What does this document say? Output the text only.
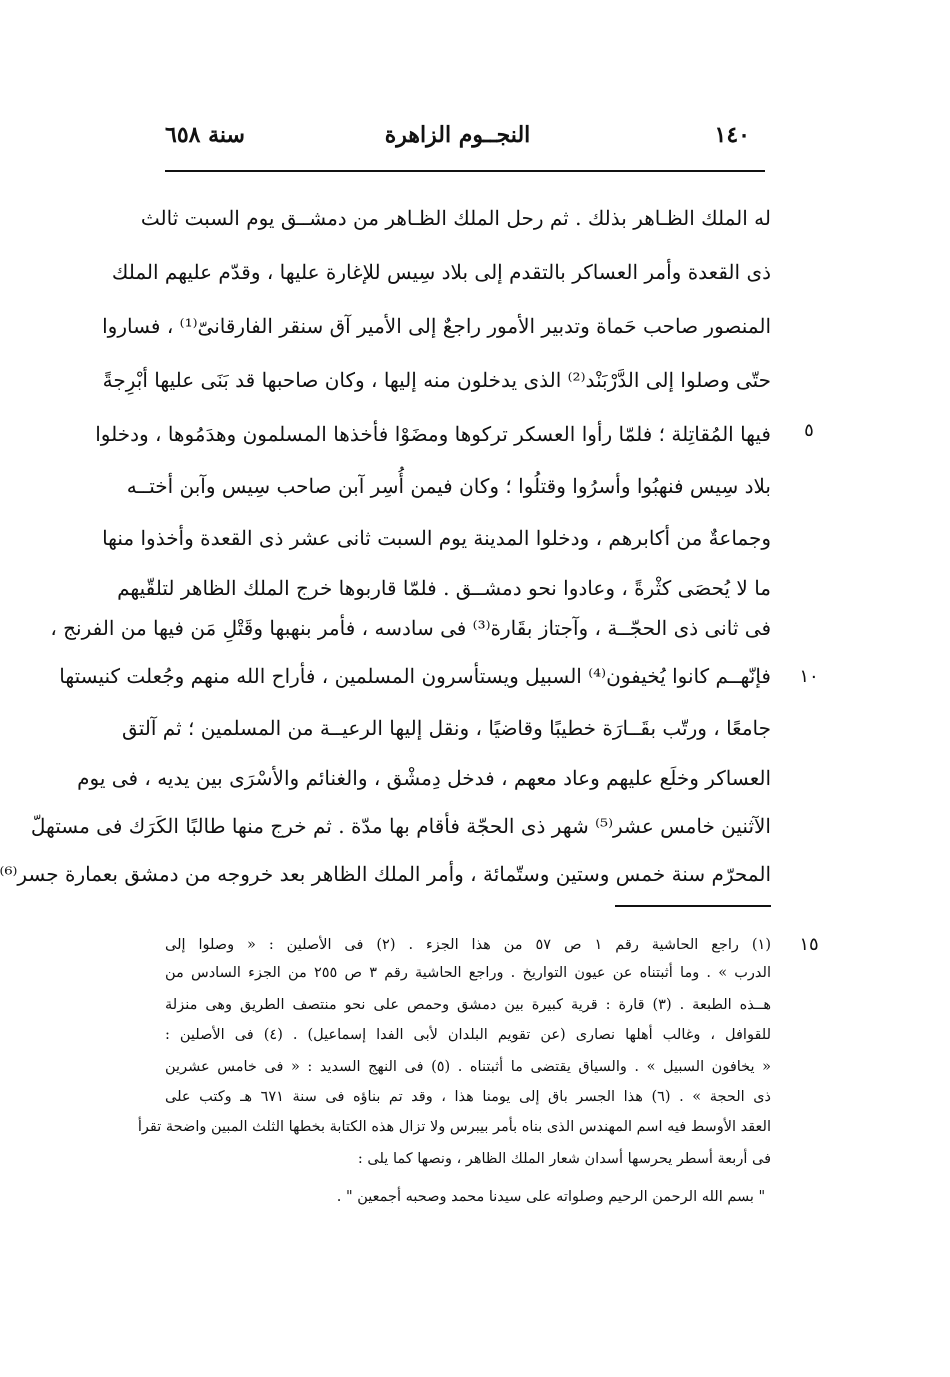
١٤٠
النجــوم الزاهرة
سنة ٦٥٨
له الملك الظـاهر بذلك . ثم رحل الملك الظـاهر من دمشــق يوم السبت ثالث
ذى القعدة وأمر العساكر بالتقدم إلى بلاد سِيس للإغارة عليها ، وقدّم عليهم الملك
المنصور صاحب حَماة وتدبير الأمور راجعٌ إلى الأمير آق سنقر الفارقانىّ⁽¹⁾ ، فساروا
حتّى وصلوا إلى الدَّرْبَنْد⁽²⁾ الذى يدخلون منه إليها ، وكان صاحبها قد بَنَى عليها أبْرِجةً
فيها المُقاتِلة ؛ فلمّا رأوا العسكر تركوها ومضَوْا فأخذها المسلمون وهدَمُوها ، ودخلوا
بلاد سِيس فنهبُوا وأسرُوا وقتلُوا ؛ وكان فيمن أُسِر آبن صاحب سِيس وآبن أختــه
وجماعةٌ من أكابرهم ، ودخلوا المدينة يوم السبت ثانى عشر ذى القعدة وأخذوا منها
ما لا يُحصَى كثْرةً ، وعادوا نحو دمشــق . فلمّا قاربوها خرج الملك الظاهر لتلقّيهم
فى ثانى ذى الحجّــة ، وآجتاز بقَارة⁽³⁾ فى سادسه ، فأمر بنهبها وقَتْلِ مَن فيها من الفرنج ،
فإنّهــم كانوا يُخيفون⁽⁴⁾ السبيل ويستأسرون المسلمين ، فأراح الله منهم وجُعلت كنيستها
جامعًا ، ورتّب بقَــارَة خطيبًا وقاضيًا ، ونقل إليها الرعيــة من المسلمين ؛ ثم آلتق
العساكر وخلَع عليهم وعاد معهم ، فدخل دِمشْق ، والغنائم والأسْرَى بين يديه ، فى يوم
الآثنين خامس عشر⁽⁵⁾ شهر ذى الحجّة فأقام بها مدّة . ثم خرج منها طالبًا الكَرَك فى مستهلّ
المحرّم سنة خمس وستين وستّمائة ، وأمر الملك الظاهر بعد خروجه من دمشق بعمارة جسر⁽⁶⁾
٥
١٠
١٥
(١) راجع الحاشية رقم ١ ص ٥٧ من هذا الجزء . (٢) فى الأصلين : « وصلوا إلى
الدرب » . وما أثبتناه عن عيون التواريخ . وراجع الحاشية رقم ٣ ص ٢٥٥ من الجزء السادس من
هــذه الطبعة . (٣) قارة : قرية كبيرة بين دمشق وحمص على نحو منتصف الطريق وهى منزلة
للقوافل ، وغالب أهلها نصارى (عن تقويم البلدان لأبى الفدا إسماعيل) . (٤) فى الأصلين :
« يخافون السبيل » . والسياق يقتضى ما أثبتناه . (٥) فى النهج السديد : « فى خامس عشرين
ذى الحجة » . (٦) هذا الجسر باق إلى يومنا هذا ، وقد تم بناؤه فى سنة ٦٧١ هـ وكتب على
العقد الأوسط فيه اسم المهندس الذى بناه بأمر بيبرس ولا تزال هذه الكتابة بخطها الثلث المبين واضحة تقرأ
فى أربعة أسطر يحرسها أسدان شعار الملك الظاهر ، ونصها كما يلى :
" بسم الله الرحمن الرحيم وصلواته على سيدنا محمد وصحبه أجمعين " .
